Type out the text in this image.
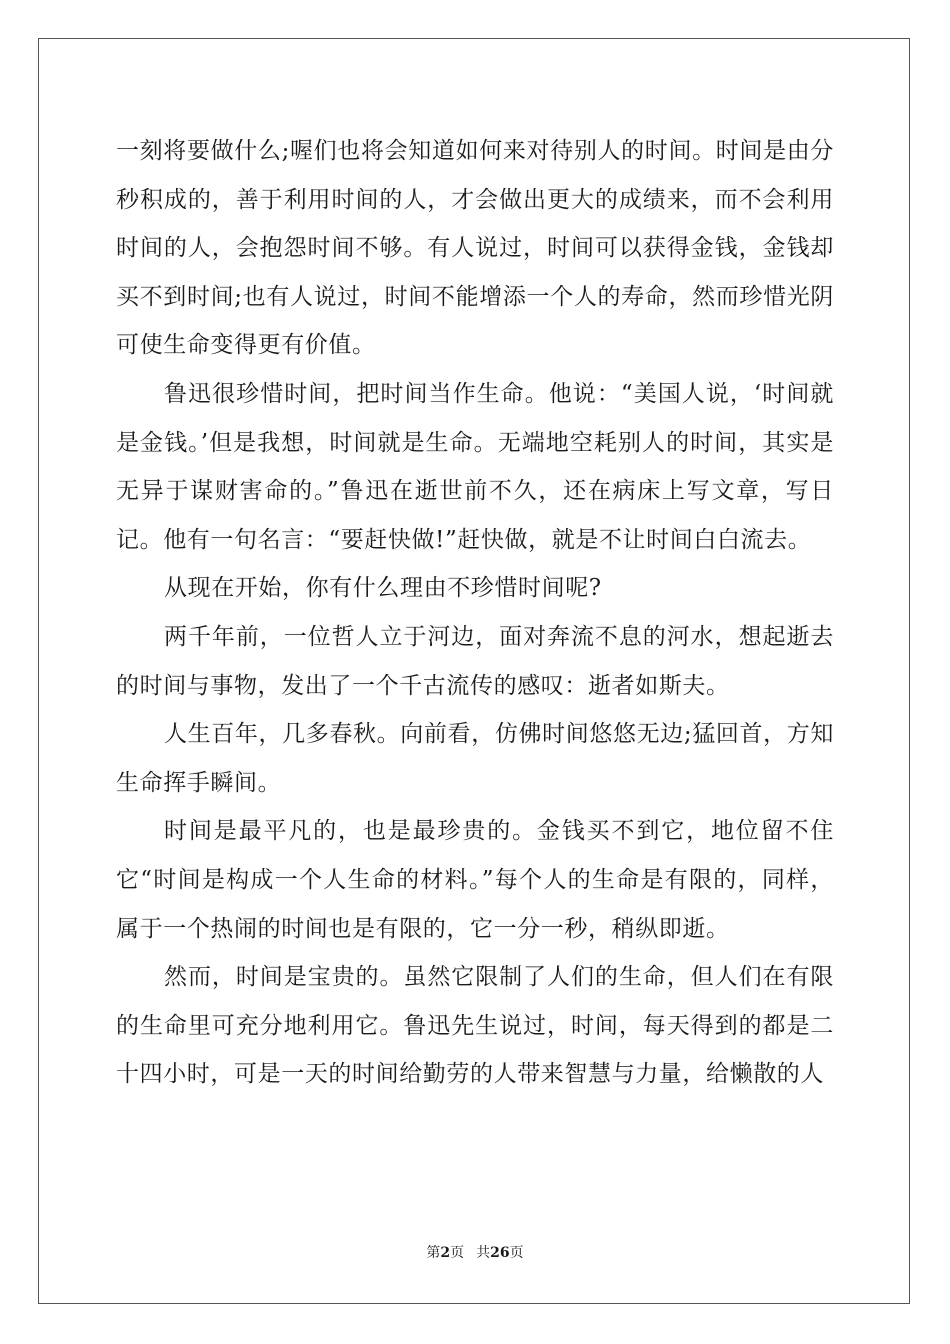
一刻将要做什么;喔们也将会知道如何来对待别人的时间。时间是由分秒积成的，善于利用时间的人，才会做出更大的成绩来，而不会利用时间的人，会抱怨时间不够。有人说过，时间可以获得金钱，金钱却买不到时间;也有人说过，时间不能增添一个人的寿命，然而珍惜光阴可使生命变得更有价值。

鲁迅很珍惜时间，把时间当作生命。他说：“美国人说，‘时间就是金钱。’但是我想，时间就是生命。无端地空耗别人的时间，其实是无异于谋财害命的。”鲁迅在逝世前不久，还在病床上写文章，写日记。他有一句名言：“要赶快做!”赶快做，就是不让时间白白流去。

从现在开始，你有什么理由不珍惜时间呢?

两千年前，一位哲人立于河边，面对奔流不息的河水，想起逝去的时间与事物，发出了一个千古流传的感叹：逝者如斯夫。

人生百年，几多春秋。向前看，仿佛时间悠悠无边;猛回首，方知生命挥手瞬间。

时间是最平凡的，也是最珍贵的。金钱买不到它，地位留不住它“时间是构成一个人生命的材料。”每个人的生命是有限的，同样，属于一个热闹的时间也是有限的，它一分一秒，稍纵即逝。

然而，时间是宝贵的。虽然它限制了人们的生命，但人们在有限的生命里可充分地利用它。鲁迅先生说过，时间，每天得到的都是二十四小时，可是一天的时间给勤劳的人带来智慧与力量，给懒散的人

第2页 共26页
